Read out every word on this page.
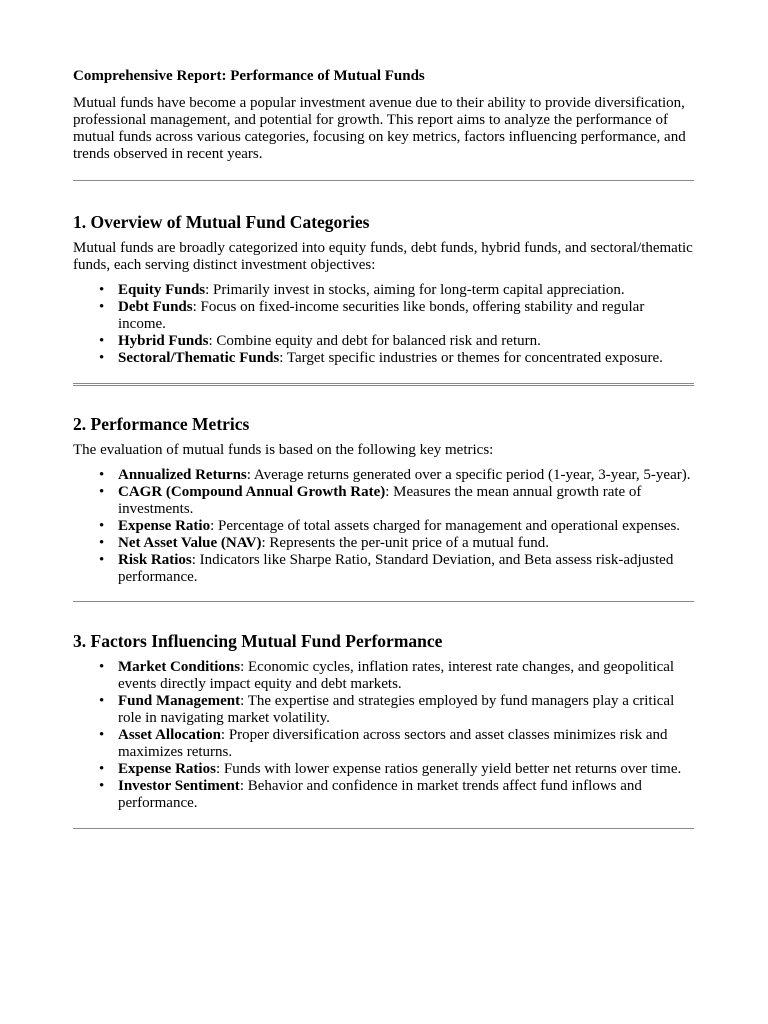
Comprehensive Report: Performance of Mutual Funds

Mutual funds have become a popular investment avenue due to their ability to provide diversification, professional management, and potential for growth. This report aims to analyze the performance of mutual funds across various categories, focusing on key metrics, factors influencing performance, and trends observed in recent years.

1. Overview of Mutual Fund Categories

Mutual funds are broadly categorized into equity funds, debt funds, hybrid funds, and sectoral/thematic funds, each serving distinct investment objectives:

• Equity Funds: Primarily invest in stocks, aiming for long-term capital appreciation.
• Debt Funds: Focus on fixed-income securities like bonds, offering stability and regular income.
• Hybrid Funds: Combine equity and debt for balanced risk and return.
• Sectoral/Thematic Funds: Target specific industries or themes for concentrated exposure.
2. Performance Metrics

The evaluation of mutual funds is based on the following key metrics:

• Annualized Returns: Average returns generated over a specific period (1-year, 3-year, 5-year).
• CAGR (Compound Annual Growth Rate): Measures the mean annual growth rate of investments.
• Expense Ratio: Percentage of total assets charged for management and operational expenses.
• Net Asset Value (NAV): Represents the per-unit price of a mutual fund.
• Risk Ratios: Indicators like Sharpe Ratio, Standard Deviation, and Beta assess risk-adjusted performance.
3. Factors Influencing Mutual Fund Performance
• Market Conditions: Economic cycles, inflation rates, interest rate changes, and geopolitical events directly impact equity and debt markets.
• Fund Management: The expertise and strategies employed by fund managers play a critical role in navigating market volatility.
• Asset Allocation: Proper diversification across sectors and asset classes minimizes risk and maximizes returns.
• Expense Ratios: Funds with lower expense ratios generally yield better net returns over time.
• Investor Sentiment: Behavior and confidence in market trends affect fund inflows and performance.
